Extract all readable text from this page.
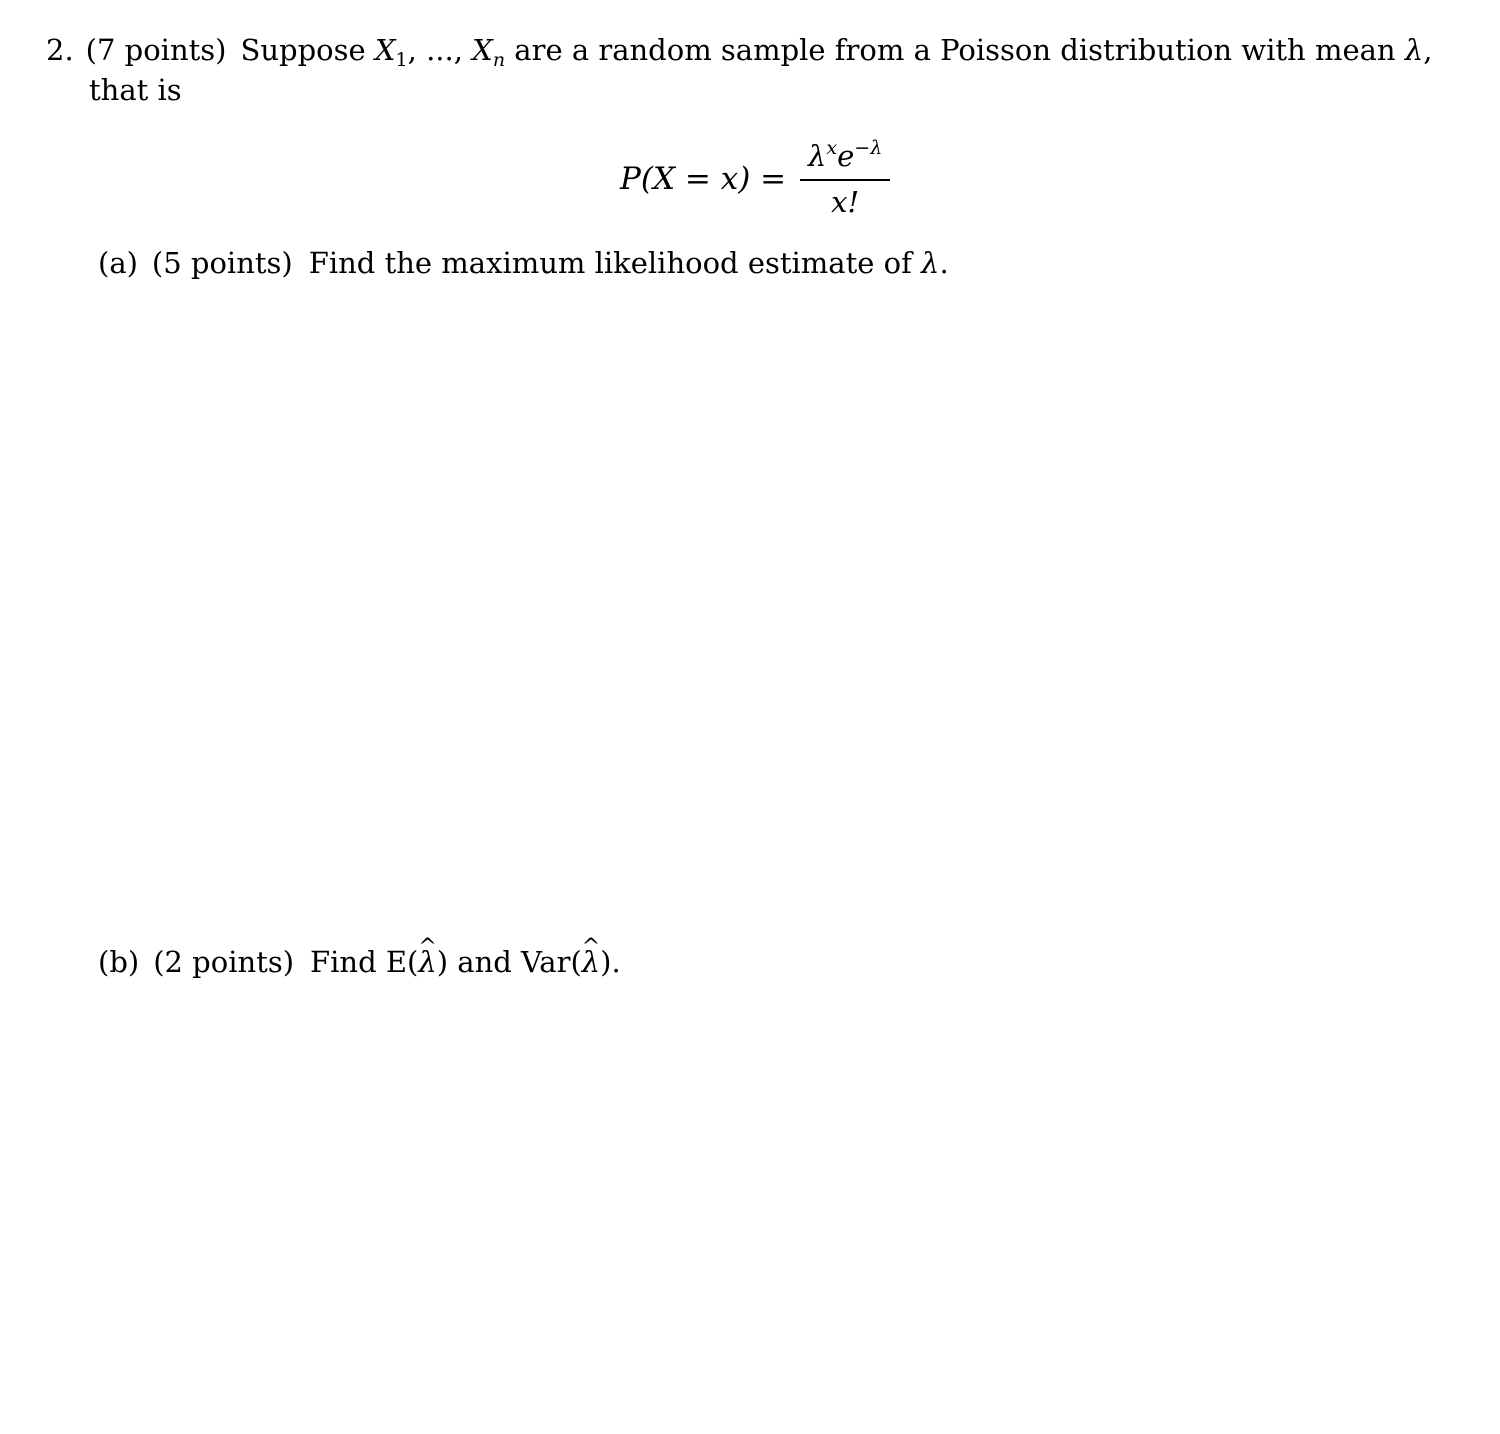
2. (7 points) Suppose $X_1$, ..., $X_n$ are a random sample from a Poisson distribution with mean λ,
that is
$P(X = x) = \frac{\lambda^xe^{-\lambda}}{x!}$
(a) (5 points) Find the maximum likelihood estimate of λ.
(b) (2 points) Find E(^ λ) and Var(^ λ).
